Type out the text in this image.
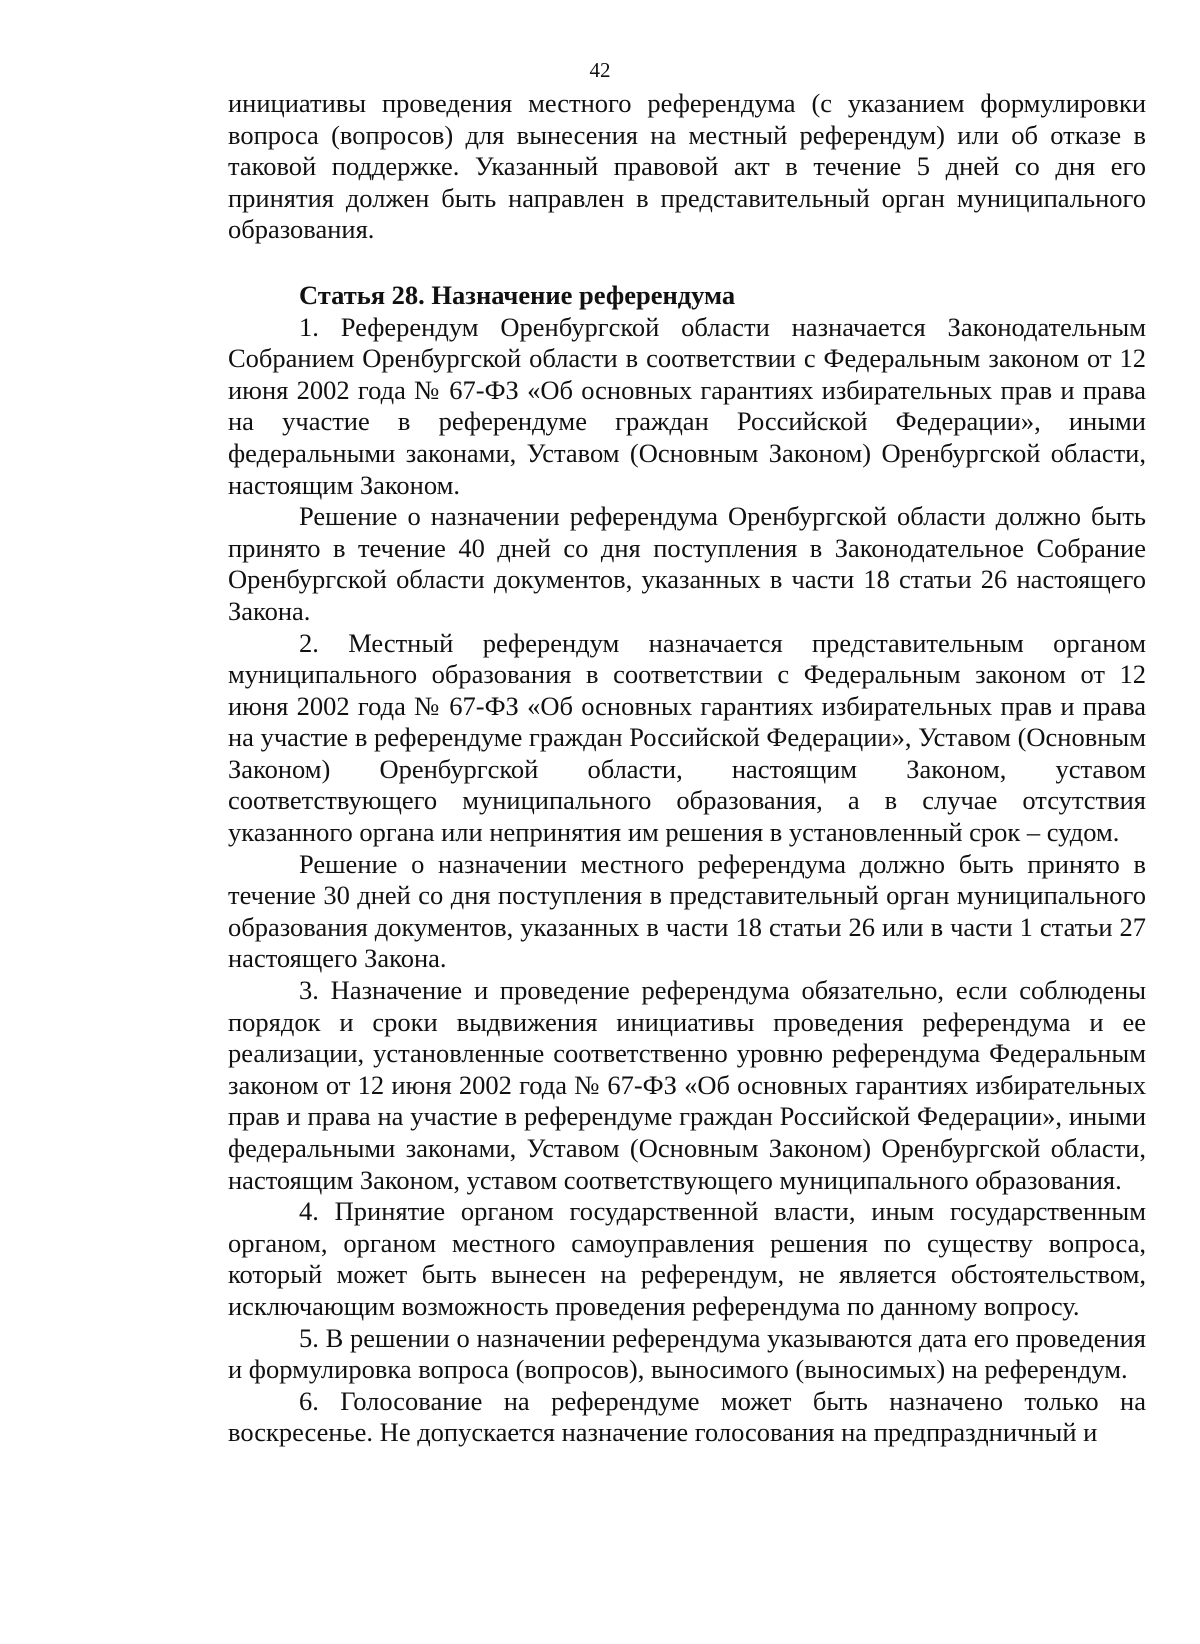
42

инициативы проведения местного референдума (с указанием формулировки вопроса (вопросов) для вынесения на местный референдум) или об отказе в таковой поддержке. Указанный правовой акт в течение 5 дней со дня его принятия должен быть направлен в представительный орган муниципального образования.

Статья 28. Назначение референдума

1. Референдум Оренбургской области назначается Законодательным Собранием Оренбургской области в соответствии с Федеральным законом от 12 июня 2002 года № 67-ФЗ «Об основных гарантиях избирательных прав и права на участие в референдуме граждан Российской Федерации», иными федеральными законами, Уставом (Основным Законом) Оренбургской области, настоящим Законом.

Решение о назначении референдума Оренбургской области должно быть принято в течение 40 дней со дня поступления в Законодательное Собрание Оренбургской области документов, указанных в части 18 статьи 26 настоящего Закона.

2. Местный референдум назначается представительным органом муниципального образования в соответствии с Федеральным законом от 12 июня 2002 года № 67-ФЗ «Об основных гарантиях избирательных прав и права на участие в референдуме граждан Российской Федерации», Уставом (Основным Законом) Оренбургской области, настоящим Законом, уставом соответствующего муниципального образования, а в случае отсутствия указанного органа или непринятия им решения в установленный срок – судом.

Решение о назначении местного референдума должно быть принято в течение 30 дней со дня поступления в представительный орган муниципального образования документов, указанных в части 18 статьи 26 или в части 1 статьи 27 настоящего Закона.

3. Назначение и проведение референдума обязательно, если соблюдены порядок и сроки выдвижения инициативы проведения референдума и ее реализации, установленные соответственно уровню референдума Федеральным законом от 12 июня 2002 года № 67-ФЗ «Об основных гарантиях избирательных прав и права на участие в референдуме граждан Российской Федерации», иными федеральными законами, Уставом (Основным Законом) Оренбургской области, настоящим Законом, уставом соответствующего муниципального образования.

4. Принятие органом государственной власти, иным государственным органом, органом местного самоуправления решения по существу вопроса, который может быть вынесен на референдум, не является обстоятельством, исключающим возможность проведения референдума по данному вопросу.

5. В решении о назначении референдума указываются дата его проведения и формулировка вопроса (вопросов), выносимого (выносимых) на референдум.

6. Голосование на референдуме может быть назначено только на воскресенье. Не допускается назначение голосования на предпраздничный и
